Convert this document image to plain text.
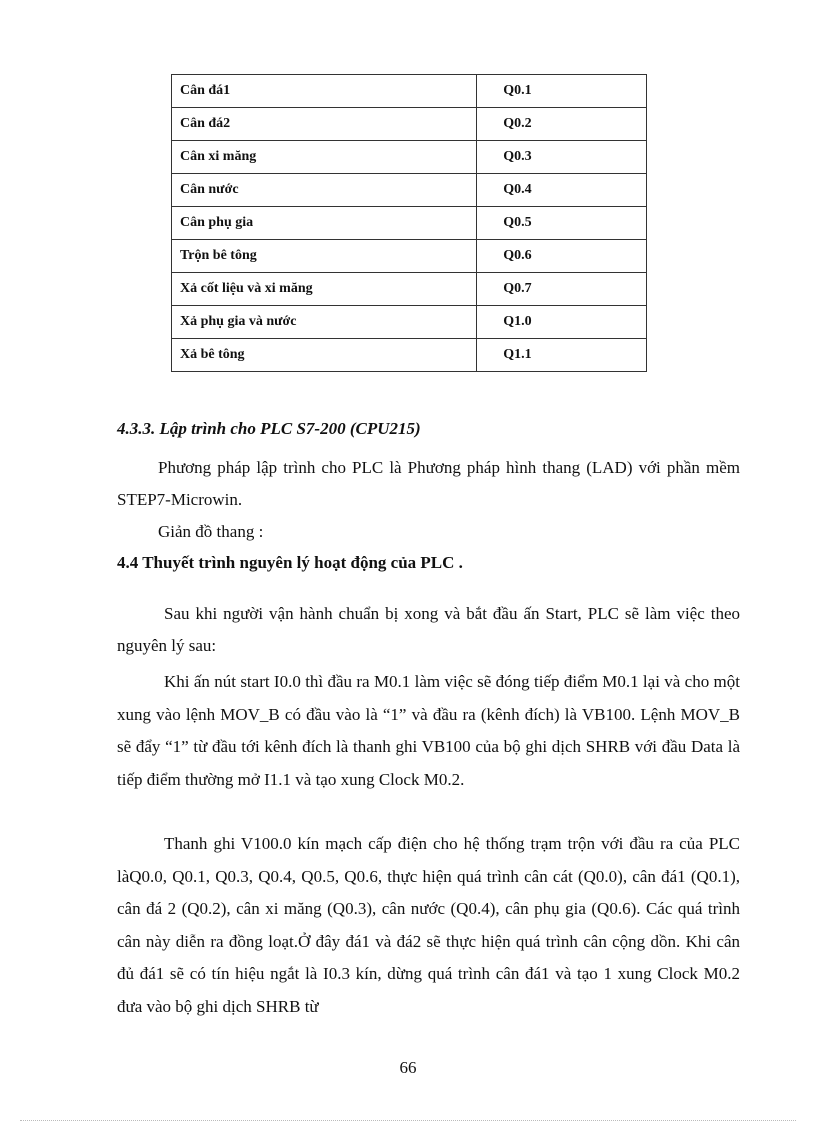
Cân đá1	Q0.1
Cân đá2	Q0.2
Cân xi măng	Q0.3
Cân nước	Q0.4
Cân phụ gia	Q0.5
Trộn bê tông	Q0.6
Xả cốt liệu và xi măng	Q0.7
Xả phụ gia và nước	Q1.0
Xả bê tông	Q1.1
4.3.3. Lập trình cho PLC S7-200 (CPU215)

Phương pháp lập trình cho PLC là Phương pháp hình thang (LAD) với phần mềm STEP7-Microwin.

Giản đồ thang :

4.4 Thuyết trình nguyên lý hoạt động của PLC .

Sau khi người vận hành chuẩn bị xong và bắt đầu ấn Start, PLC sẽ làm việc theo nguyên lý sau:

Khi ấn nút start I0.0 thì đầu ra M0.1 làm việc sẽ đóng tiếp điểm M0.1 lại và cho một xung vào lệnh MOV_B có đầu vào là “1” và đầu ra (kênh đích) là VB100. Lệnh MOV_B sẽ đẩy “1” từ đầu tới kênh đích là thanh ghi VB100 của bộ ghi dịch SHRB với đầu Data là tiếp điểm thường mở I1.1 và tạo xung Clock M0.2.

Thanh ghi V100.0 kín mạch cấp điện cho hệ thống trạm trộn với đầu ra của PLC làQ0.0, Q0.1, Q0.3, Q0.4, Q0.5, Q0.6, thực hiện quá trình cân cát (Q0.0), cân đá1 (Q0.1), cân đá 2 (Q0.2), cân xi măng (Q0.3), cân nước (Q0.4), cân phụ gia (Q0.6). Các quá trình cân này diễn ra đồng loạt.Ở đây đá1 và đá2 sẽ thực hiện quá trình cân cộng dồn. Khi cân đủ đá1 sẽ có tín hiệu ngắt là I0.3 kín, dừng quá trình cân đá1 và tạo 1 xung Clock M0.2 đưa vào bộ ghi dịch SHRB từ

66
